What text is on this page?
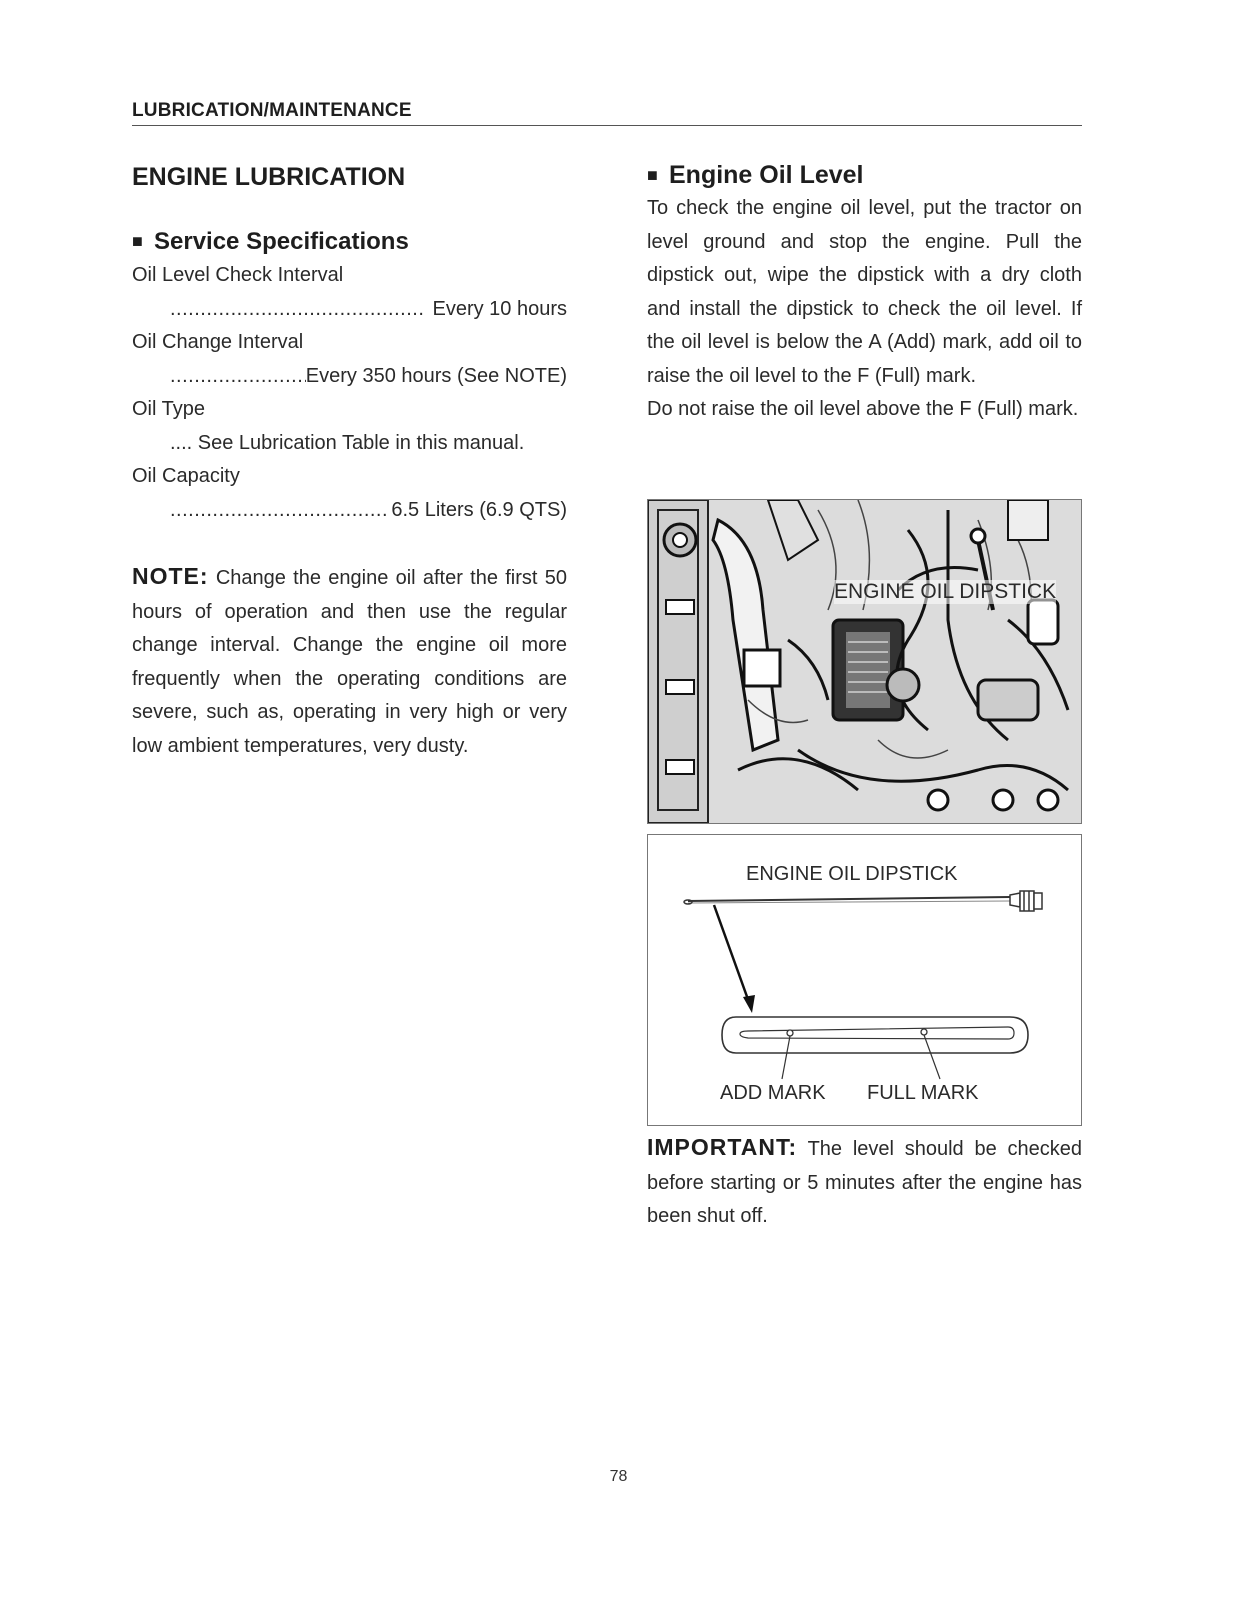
LUBRICATION/MAINTENANCE
ENGINE LUBRICATION
■ Service Specifications
Oil Level Check Interval
.....
Every 10 hours
Oil Change Interval
.....
Every 350 hours (See NOTE)
Oil Type
.... See Lubrication Table in this manual.
Oil Capacity
.....
6.5 Liters (6.9 QTS)

NOTE: Change the engine oil after the first 50 hours of operation and then use the regular change interval. Change the engine oil more frequently when the operating conditions are severe, such as, operating in very high or very low ambient temperatures, very dusty.

■ Engine Oil Level

To check the engine oil level, put the tractor on level ground and stop the engine. Pull the dipstick out, wipe the dipstick with a dry cloth and install the dipstick to check the oil level. If the oil level is below the A (Add) mark, add oil to raise the oil level to the F (Full) mark.

Do not raise the oil level above the F (Full) mark.

ENGINE OIL DIPSTICK
ENGINE OIL DIPSTICK
ADD MARK FULL MARK

IMPORTANT: The level should be checked before starting or 5 minutes after the engine has been shut off.

78
